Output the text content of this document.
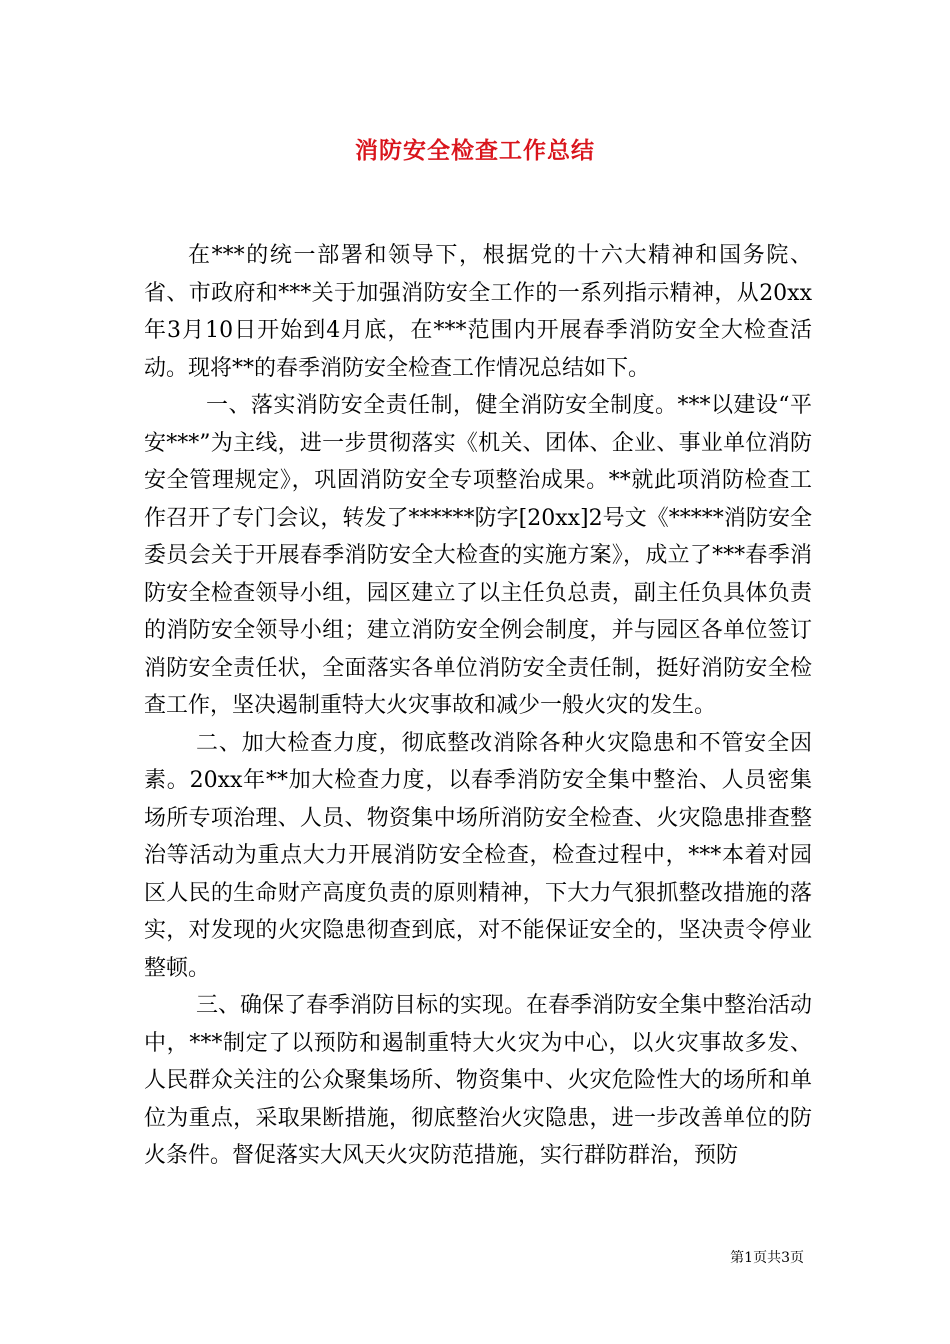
消防安全检查工作总结

在***的统一部署和领导下，根据党的十六大精神和国务院、省、市政府和***关于加强消防安全工作的一系列指示精神，从20xx年3月10日开始到4月底，在***范围内开展春季消防安全大检查活动。现将**的春季消防安全检查工作情况总结如下。

一、落实消防安全责任制，健全消防安全制度。***以建设“平安***”为主线，进一步贯彻落实《机关、团体、企业、事业单位消防安全管理规定》，巩固消防安全专项整治成果。**就此项消防检查工作召开了专门会议，转发了******防字[20xx]2号文《*****消防安全委员会关于开展春季消防安全大检查的实施方案》，成立了***春季消防安全检查领导小组，园区建立了以主任负总责，副主任负具体负责的消防安全领导小组；建立消防安全例会制度，并与园区各单位签订消防安全责任状，全面落实各单位消防安全责任制，挺好消防安全检查工作，坚决遏制重特大火灾事故和减少一般火灾的发生。

二、加大检查力度，彻底整改消除各种火灾隐患和不管安全因素。20xx年**加大检查力度，以春季消防安全集中整治、人员密集场所专项治理、人员、物资集中场所消防安全检查、火灾隐患排查整治等活动为重点大力开展消防安全检查，检查过程中，***本着对园区人民的生命财产高度负责的原则精神，下大力气狠抓整改措施的落实，对发现的火灾隐患彻查到底，对不能保证安全的，坚决责令停业整顿。

三、确保了春季消防目标的实现。在春季消防安全集中整治活动中，***制定了以预防和遏制重特大火灾为中心，以火灾事故多发、人民群众关注的公众聚集场所、物资集中、火灾危险性大的场所和单位为重点，采取果断措施，彻底整治火灾隐患，进一步改善单位的防火条件。督促落实大风天火灾防范措施，实行群防群治，预防

第1页共3页
